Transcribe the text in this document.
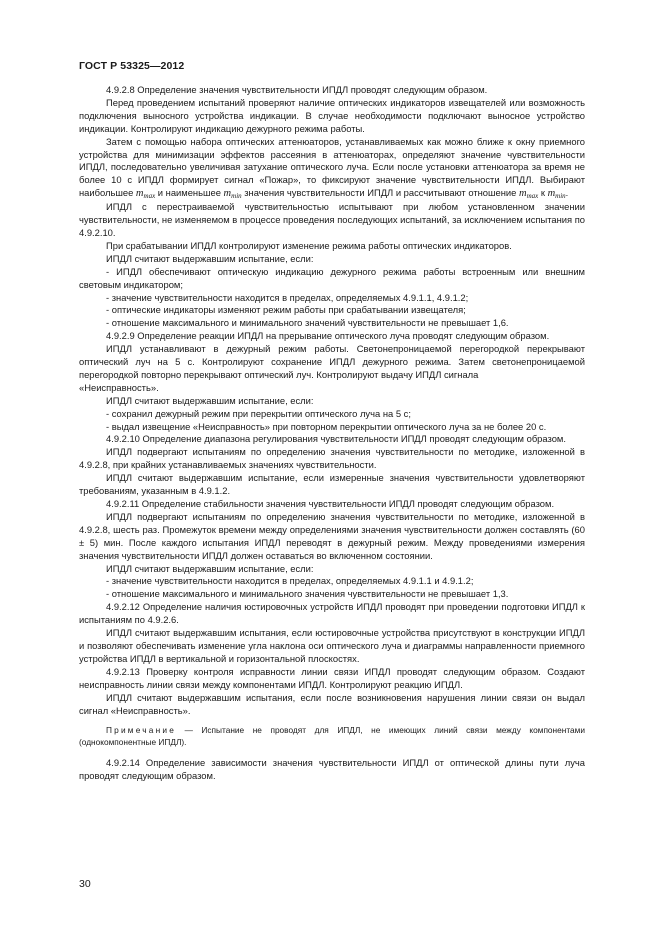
ГОСТ Р 53325—2012

4.9.2.8 Определение значения чувствительности ИПДЛ проводят следующим образом.

Перед проведением испытаний проверяют наличие оптических индикаторов извещателей или возможность подключения выносного устройства индикации. В случае необходимости подключают выносное устройство индикации. Контролируют индикацию дежурного режима работы.

Затем с помощью набора оптических аттенюаторов, устанавливаемых как можно ближе к окну приемного устройства для минимизации эффектов рассеяния в аттенюаторах, определяют значение чувствительности ИПДЛ, последовательно увеличивая затухание оптического луча. Если после установки аттенюатора за время не более 10 с ИПДЛ формирует сигнал «Пожар», то фиксируют значение чувствительности ИПДЛ. Выбирают наибольшее $m_{max}$ и наименьшее $m_{min}$ значения чувствительности ИПДЛ и рассчитывают отношение $m_{max}$ к $m_{min}$.

ИПДЛ с перестраиваемой чувствительностью испытывают при любом установленном значении чувствительности, не изменяемом в процессе проведения последующих испытаний, за исключением испытания по 4.9.2.10.

При срабатывании ИПДЛ контролируют изменение режима работы оптических индикаторов.

ИПДЛ считают выдержавшим испытание, если:

- ИПДЛ обеспечивают оптическую индикацию дежурного режима работы встроенным или внешним световым индикатором;

- значение чувствительности находится в пределах, определяемых 4.9.1.1, 4.9.1.2;

- оптические индикаторы изменяют режим работы при срабатывании извещателя;

- отношение максимального и минимального значений чувствительности не превышает 1,6.

4.9.2.9 Определение реакции ИПДЛ на прерывание оптического луча проводят следующим образом.

ИПДЛ устанавливают в дежурный режим работы. Светонепроницаемой перегородкой перекрывают оптический луч на 5 с. Контролируют сохранение ИПДЛ дежурного режима. Затем светонепроницаемой перегородкой повторно перекрывают оптический луч. Контролируют выдачу ИПДЛ сигнала

«Неисправность».

ИПДЛ считают выдержавшим испытание, если:

- сохранил дежурный режим при перекрытии оптического луча на 5 с;

- выдал извещение «Неисправность» при повторном перекрытии оптического луча за не более 20 с.

4.9.2.10 Определение диапазона регулирования чувствительности ИПДЛ проводят следующим образом.

ИПДЛ подвергают испытаниям по определению значения чувствительности по методике, изложенной в 4.9.2.8, при крайних устанавливаемых значениях чувствительности.

ИПДЛ считают выдержавшим испытание, если измеренные значения чувствительности удовлетворяют требованиям, указанным в 4.9.1.2.

4.9.2.11 Определение стабильности значения чувствительности ИПДЛ проводят следующим образом.

ИПДЛ подвергают испытаниям по определению значения чувствительности по методике, изложенной в 4.9.2.8, шесть раз. Промежуток времени между определениями значения чувствительности должен составлять (60 ± 5) мин. После каждого испытания ИПДЛ переводят в дежурный режим. Между проведениями измерения значения чувствительности ИПДЛ должен оставаться во включенном состоянии.

ИПДЛ считают выдержавшим испытание, если:

- значение чувствительности находится в пределах, определяемых 4.9.1.1 и 4.9.1.2;

- отношение максимального и минимального значения чувствительности не превышает 1,3.

4.9.2.12 Определение наличия юстировочных устройств ИПДЛ проводят при проведении подготовки ИПДЛ к испытаниям по 4.9.2.6.

ИПДЛ считают выдержавшим испытания, если юстировочные устройства присутствуют в конструкции ИПДЛ и позволяют обеспечивать изменение угла наклона оси оптического луча и диаграммы направленности приемного устройства ИПДЛ в вертикальной и горизонтальной плоскостях.

4.9.2.13 Проверку контроля исправности линии связи ИПДЛ проводят следующим образом. Создают неисправность линии связи между компонентами ИПДЛ. Контролируют реакцию ИПДЛ.

ИПДЛ считают выдержавшим испытания, если после возникновения нарушения линии связи он выдал сигнал «Неисправность».

Примечание — Испытание не проводят для ИПДЛ, не имеющих линий связи между компонентами (однокомпонентные ИПДЛ).

4.9.2.14 Определение зависимости значения чувствительности ИПДЛ от оптической длины пути луча проводят следующим образом.

30
